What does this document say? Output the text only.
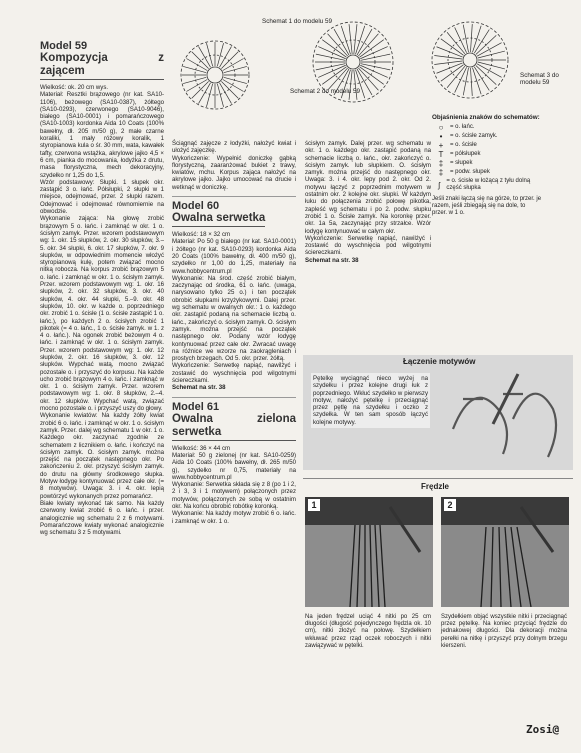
Model 59
Kompozycja z zającem

Wielkość: ok. 20 cm wys.

Materiał: Resztki brązowego (nr kat. SA10-1106), beżowego (SA10-0387), żółtego (SA10-0293), czerwonego (SA10-9046), białego (SA10-0001) i pomarańczowego (SA10-1003) kordonka Aida 10 Coats (100% bawełny, dł. 205 m/50 g), 2 małe czarne koraliki, 1 mały różowy koralik, 1 styropianowa kula o śr. 30 mm, wata, kawałek tafty, czerwona wstążka, akrylowe jajko 4,5 × 6 cm, pianka do mocowania, łodyżka z drutu, masa florystyczna, mech dekoracyjny, szydełko nr 1,25 do 1,5.

Wzór podstawowy: Słupki. 1 słupek okr. zastąpić 3 o. łańc. Półsłupki, 2 słupki w 1 miejsce, odejmować, przer. 2 słupki razem. Odejmować i odejmować równomiernie na obwodzie.

Wykonanie zająca: Na głowę zrobić brązowym 5 o. łańc. i zamknąć w okr. 1 o. ścisłym zamyk. Przer. wzorem podstawowym wg: 1. okr. 15 słupków, 2. okr. 30 słupków, 3.–5. okr. 34 słupki, 6. okr. 17 słupków, 7. okr. 9 słupków, w odpowiednim momencie włożyć styropianową kulę, potem związać mocno nitką robocza. Na korpus zrobić brązowym 5 o. łańc. i zamknąć w okr. 1 o. ścisłym zamyk. Przer. wzorem podstawowym wg: 1. okr. 16 słupków, 2. okr. 32 słupków, 3. okr. 40 słupków, 4. okr. 44 słupki, 5.–9. okr. 48 słupków, 10. okr. w każde o. poprzedniego okr. zrobić 1 o. ścisłe (1 o. ścisłe zastąpić 1 o. łańc.), po każdych 2 o. ścisłych zrobić 1 pikotek (= 4 o. łańc., 1 o. ścisłe zamyk. w 1. z 4 o. łańc.). Na ogonek zrobić beżowym 4 o. łańc. i zamknąć w okr. 1 o. ścisłym zamyk. Przer. wzorem podstawowym wg: 1. okr. 12 słupków, 2. okr. 16 słupków, 3. okr. 12 słupków. Wypchać watą, mocno związać pozostałe o. i przyszyć do korpusu. Na każde ucho zrobić brązowym 4 o. łańc. i zamknąć w okr. 1 o. ścisłym zamyk. Przer. wzorem podstawowym wg: 1. okr. 8 słupków, 2.–4. okr. 12 słupków. Wypchać watą, związać mocno pozostałe o. i przyszyć uszy do głowy.

Wykonanie kwiatów: Na każdy żółty kwiat zrobić 6 o. łańc. i zamknąć w okr. 1 o. ścisłym zamyk. Przer. dalej wg schematu 1 w okr. 1 o. Każdego okr. zaczynać zgodnie ze schematem z licznikiem o. łańc. i kończyć na ścisłym zamyk. O. ścisłym zamyk. można przejść na początek następnego okr. Po zakończeniu 2. okr. przyszyć ścisłym zamyk. do drutu na główny środkowego słupka. Motyw łodygę kontynuować przez całe okr. (= 8 motywów). Uwaga: 3. i 4. okr. lepią powtórzyć wykonanych przez pomarańcz.

Białe kwiaty wykonać tak samo. Na każdy czerwony kwiat zrobić 6 o. łańc. i przer. analogicznie wg schematu 2 z 6 motywami. Pomarańczowe kwiaty wykonać analogicznie wg schematu 3 z 5 motywami.

Ściągnąć zajęcze z łodyżki, nałożyć kwiat i ułożyć zajęczkę.

Wykończenie: Wypełnić doniczkę gąbką florystyczną, zaaranżować bukiet z trawy, kwiatów, mchu. Korpus zająca nałożyć na akrylowe jajko. Jajko umocować na drucie i wetknąć w doniczkę.

Model 60
Owalna serwetka

Wielkość: 18 × 32 cm

Materiał: Po 50 g białego (nr kat. SA10-0001) i żółtego (nr kat. SA10-0293) kordonka Aida 20 Coats (100% bawełny, dł. 400 m/50 g), szydełko nr 1,00 do 1,25, materiały na www.hobbycentrum.pl

Wykonanie: Na środ. część zrobić białym, zaczynając od środka, 61 o. łańc. (uwaga, narysowano tylko 25 o.) i ten początek obrobić słupkami krzyżykowymi. Dalej przer. wg schematu w owalnych okr.: 1 o. każdego okr. zastąpić podaną na schemacie liczbą o. łańc., zakończyć o. ścisłym zamyk. O. ścisłym zamyk. można przejść na początek następnego okr. Podany wzór łodygę kontynuować przez całe okr. Zwracać uwagę na różnice we wzorze na zaokrągleniach i prostych brzegach. Od 5. okr. przer. żółtą.

Wykończenie: Serwetkę napiąć, nawilżyć i zostawić do wyschnięcia pod wilgotnymi ściereczkami.

Schemat na str. 38

Model 61
Owalna zielona serwetka

Wielkość: 36 × 44 cm

Materiał: 50 g zielonej (nr kat. SA10-0259) Aida 10 Coats (100% bawełny, dł. 265 m/50 g), szydełko nr 0,75, materiały na www.hobbycentrum.pl

Wykonanie: Serwetka składa się z 8 (po 1 i 2, 2 i 3, 3 i 1 motywem) połączonych przez motywów, połączonych ze sobą w ostatnim okr. Na końcu obrobić robótkę koronką.

Wykonanie: Na każdy motyw zrobić 6 o. łańc. i zamknąć w okr. 1 o.

ścisłym zamyk. Dalej przer. wg schematu w okr. 1 o. każdego okr. zastąpić podaną na schemacie liczbą o. łańc., okr. zakończyć o. ścisłym zamyk. lub słupkiem. O. ścisłym zamyk. można przejść do następnego okr. Uwaga: 3. i 4. okr. lepy pod 2. okr. Od 2. motywu łączyć z poprzednim motywem w ostatnim okr. 2 kolejne okr. słupki. W każdym łuku do połączenia zrobić połowę pikotka, zapleść wg schematu i po 2. podw. słupku zrobić 1 o. Ścisłe zamyk. Na koronkę przer. okr. 1a 5a, zaczynając przy strzałce. Wzór łodygę kontynuować w całym okr.

Wykończenie: Serwetkę napiąć, nawilżyć i zostawić do wyschnięcia pod wilgotnymi ściereczkami.

Schemat na str. 38

Schemat 1 do modelu 59
Schemat 2 do modelu 59
Schemat 3 do modelu 59
Objaśnienia znaków do schematów:
○	= o. łańc.
•	= o. ścisłe zamyk.
+	= o. ścisłe
T	= półsłupek
‡	= słupek
‡	= podw. słupek
ʃ	= o. ścisłe w łożącą z tyłu dolną część słupka

Jeśli znaki łączą się na górze, to przer. je razem, jeśli zbiegają się na dole, to przer. w 1 o.

Łączenie motywów
Pętelkę wyciągnąć nieco wyżej na szydełku i przez kolejne drugi łuk z poprzedniego. Wkłuć szydełko w pierwszy motyw, nałożyć pętelkę i przeciągnąć przez pętlę na szydełku i oczko z szydełka. W ten sam sposób łączyć kolejne motywy.
Frędzle
1	2
Na jeden frędzel uciąć 4 nitki po 25 cm długości (długość pojedynczego frędzla ok. 10 cm), nitki złożyć na połowę. Szydełkiem wkłuwać przez rząd oczek roboczych i nitki zawiązywać w pętelki.
Szydełkiem objąć wszystkie nitki i przeciągnąć przez pętelkę. Na koniec przyciąć frędzle do jednakowej długości. Dla dekoracji można perełki na nitkę i przyszyć przy dolnym brzegu kierszeni.
Zosi@
